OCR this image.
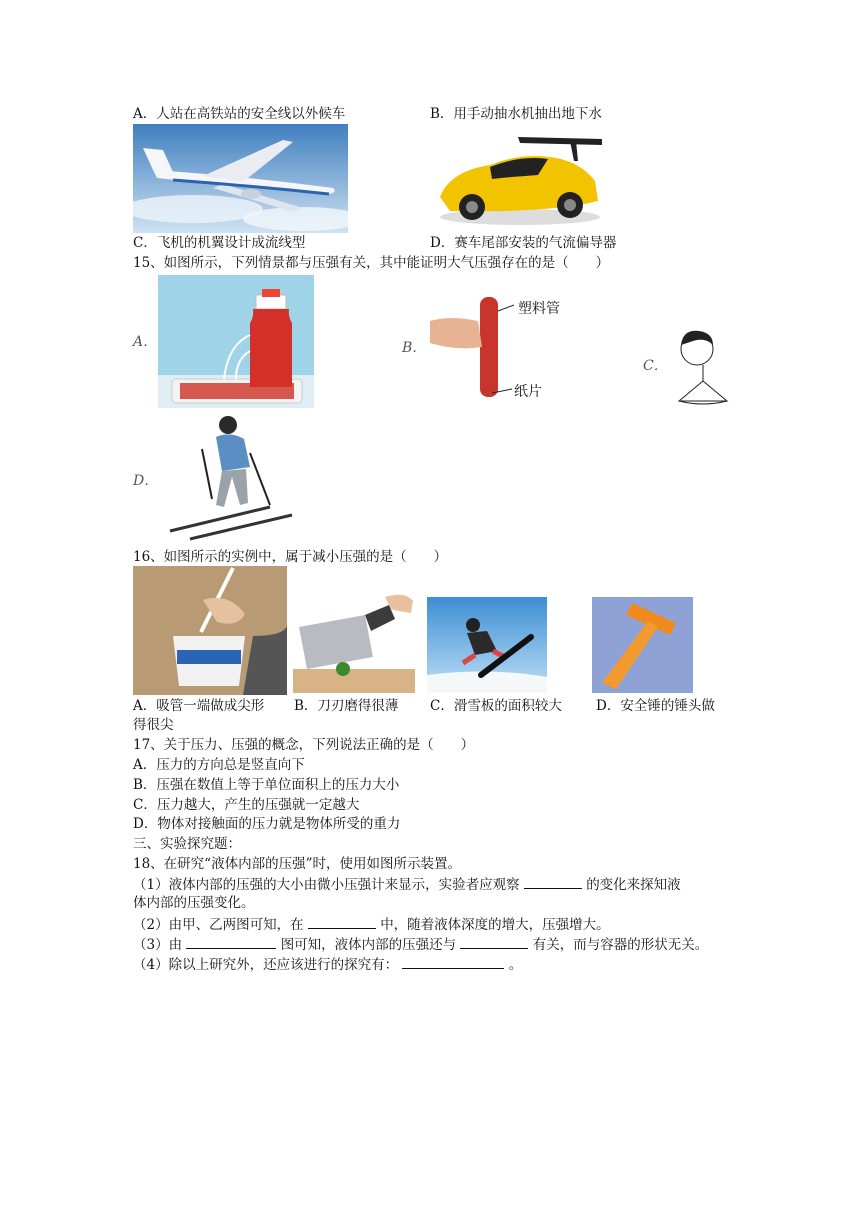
A．人站在高铁站的安全线以外候车	B．用手动抽水机抽出地下水
C．飞机的机翼设计成流线型	D．赛车尾部安装的气流偏导器
15、如图所示，下列情景都与压强有关，其中能证明大气压强存在的是（　　）
A．	B．
塑料管
纸片
C．
D．
16、如图所示的实例中，属于减小压强的是（　　）
A．吸管一端做成尖形 B．刀刃磨得很薄 C．滑雪板的面积较大	D．安全锤的锤头做
得很尖
17、关于压力、压强的概念，下列说法正确的是（　　）
A．压力的方向总是竖直向下
B．压强在数值上等于单位面积上的压力大小
C．压力越大，产生的压强就一定越大
D．物体对接触面的压力就是物体所受的重力
三、实验探究题：
18、在研究“液体内部的压强”时，使用如图所示装置。
（1）液体内部的压强的大小由微小压强计来显示，实验者应观察	的变化来探知液
体内部的压强变化。
（2）由甲、乙两图可知，在	中，随着液体深度的增大，压强增大。
（3）由	图可知，液体内部的压强还与	有关，而与容器的形状无关。
（4）除以上研究外，还应该进行的探究有：	。
